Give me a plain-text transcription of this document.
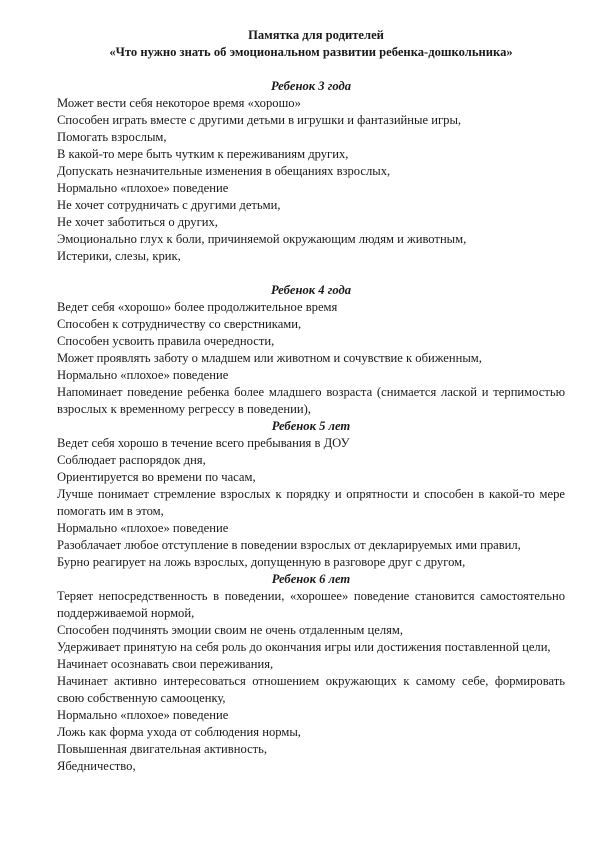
Памятка для родителей
«Что нужно знать об эмоциональном развитии ребенка-дошкольника»
Ребенок 3 года
Может вести себя некоторое время «хорошо»
Способен играть вместе с другими детьми в игрушки и фантазийные игры,
Помогать взрослым,
В какой-то мере быть чутким к переживаниям других,
Допускать незначительные изменения в обещаниях взрослых,
Нормально «плохое» поведение
Не хочет сотрудничать с другими детьми,
Не хочет заботиться о других,
Эмоционально глух к боли, причиняемой окружающим людям и животным,
Истерики, слезы, крик,
Ребенок 4 года
Ведет себя «хорошо» более продолжительное время
Способен к сотрудничеству со сверстниками,
Способен усвоить правила очередности,
Может проявлять заботу о младшем или животном и сочувствие к обиженным,
Нормально «плохое» поведение
Напоминает поведение ребенка более младшего возраста (снимается лаской и терпимостью взрослых к временному регрессу в поведении),
Ребенок 5 лет
Ведет себя хорошо в течение всего пребывания в ДОУ
Соблюдает распорядок дня,
Ориентируется во времени по часам,
Лучше понимает стремление взрослых к порядку и опрятности и способен в какой-то мере помогать им в этом,
Нормально «плохое» поведение
Разоблачает любое отступление в поведении взрослых от декларируемых ими правил,
Бурно реагирует на ложь взрослых, допущенную в разговоре друг с другом,
Ребенок 6 лет
Теряет непосредственность в поведении, «хорошее» поведение становится самостоятельно поддерживаемой нормой,
Способен подчинять эмоции своим не очень отдаленным целям,
Удерживает принятую на себя роль до окончания игры или достижения поставленной цели,
Начинает осознавать свои переживания,
Начинает активно интересоваться отношением окружающих к самому себе, формировать свою собственную самооценку,
Нормально «плохое» поведение
Ложь как форма ухода от соблюдения нормы,
Повышенная двигательная активность,
Ябедничество,
